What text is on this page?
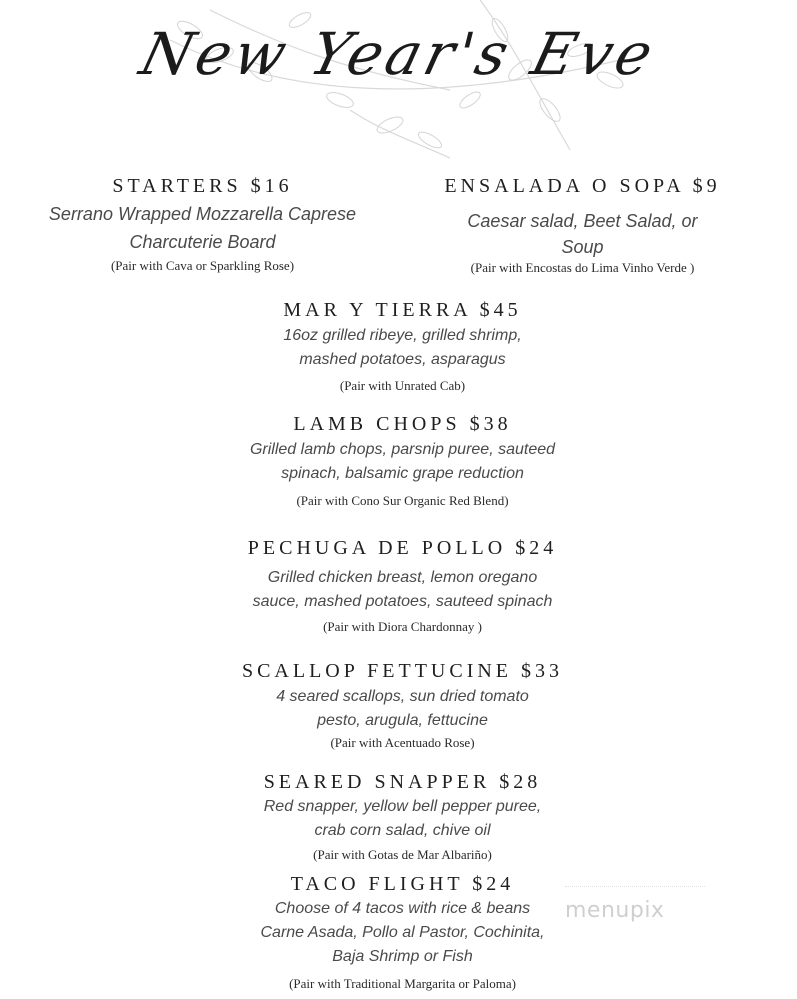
New Year's Eve
STARTERS $16
Serrano Wrapped Mozzarella Caprese
Charcuterie Board
(Pair with Cava or Sparkling Rose)
ENSALADA O SOPA $9
Caesar salad, Beet Salad, or
Soup
(Pair with Encostas do Lima Vinho Verde )
MAR Y TIERRA $45
16oz grilled ribeye, grilled shrimp,
mashed potatoes, asparagus
(Pair with Unrated Cab)
LAMB CHOPS $38
Grilled lamb chops, parsnip puree, sauteed
spinach, balsamic grape reduction
(Pair with Cono Sur Organic Red Blend)
PECHUGA DE POLLO $24
Grilled chicken breast, lemon oregano
sauce, mashed potatoes, sauteed spinach
(Pair with Diora Chardonnay )
SCALLOP FETTUCINE $33
4 seared scallops, sun dried tomato
pesto, arugula, fettucine
(Pair with Acentuado Rose)
SEARED SNAPPER $28
Red snapper, yellow bell pepper puree,
crab corn salad, chive oil
(Pair with Gotas de Mar Albariño)
TACO FLIGHT $24
Choose of 4 tacos with rice & beans
Carne Asada, Pollo al Pastor, Cochinita,
Baja Shrimp or Fish
(Pair with Traditional Margarita or Paloma)
menupix
